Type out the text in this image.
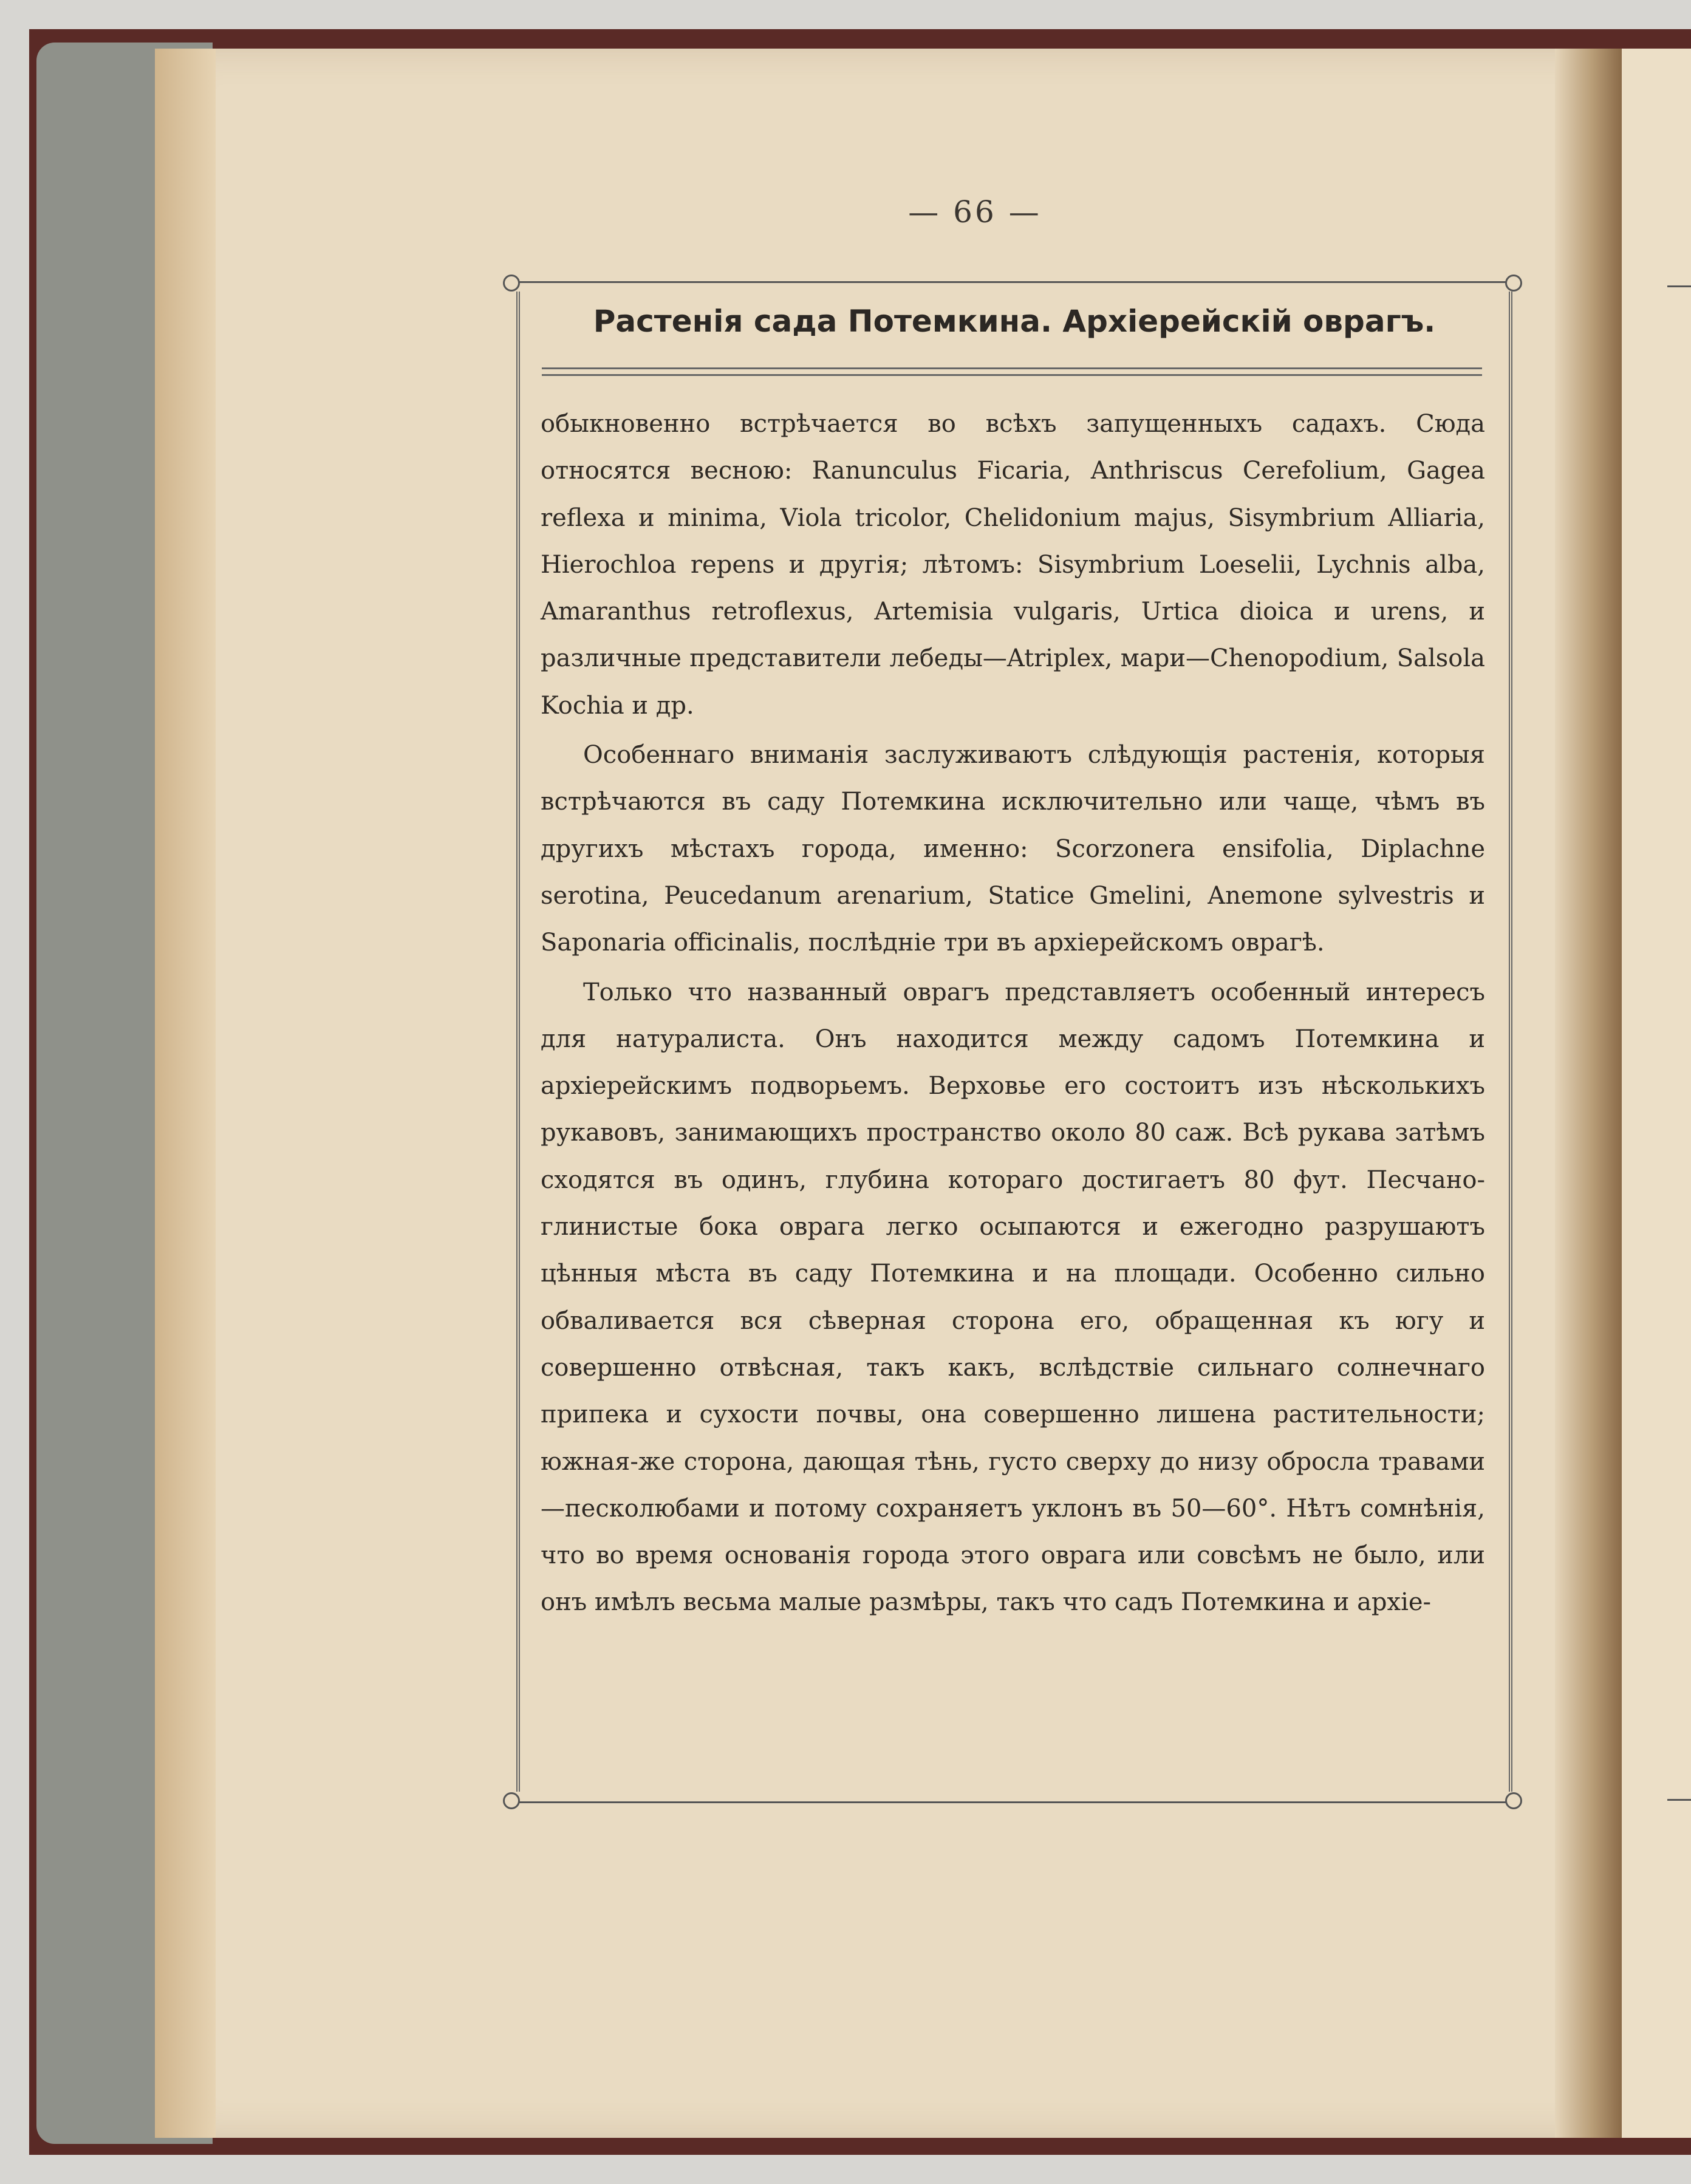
— 66 —
Растенія сада Потемкина. Архіерейскій оврагъ.

обыкновенно встрѣчается во всѣхъ запущенныхъ садахъ. Сюда относятся весною: Ranunculus Ficaria, Anthriscus Cerefolium, Gagea reflexa и minima, Viola tricolor, Chelidonium majus, Sisymbrium Alliaria, Hierochloa repens и другія; лѣтомъ: Sisymbrium Loeselii, Lychnis alba, Amaranthus retroflexus, Artemisia vulgaris, Urtica dioica и urens, и различные представители лебеды—Atriplex, мари—Chenopodium, Salsola Kochia и др.

Особеннаго вниманія заслуживаютъ слѣдующія растенія, которыя встрѣчаются въ саду Потемкина исключительно или чаще, чѣмъ въ другихъ мѣстахъ города, именно: Scorzonera ensifolia, Diplachne serotina, Peucedanum arenarium, Statice Gmelini, Anemone sylvestris и Saponaria officinalis, послѣдніе три въ архіерейскомъ оврагѣ.

Только что названный оврагъ представляетъ особенный интересъ для натуралиста. Онъ находится между садомъ Потемкина и архіерейскимъ подворьемъ. Верховье его состоитъ изъ нѣсколькихъ рукавовъ, занимающихъ пространство около 80 саж. Всѣ рукава затѣмъ сходятся въ одинъ, глубина котораго достигаетъ 80 фут. Песчано-глинистые бока оврага легко осыпаются и ежегодно разрушаютъ цѣнныя мѣста въ саду Потемкина и на площади. Особенно сильно обваливается вся сѣверная сторона его, обращенная къ югу и совершенно отвѣсная, такъ какъ, вслѣдствіе сильнаго солнечнаго припека и сухости почвы, она совершенно лишена растительности; южная-же сторона, дающая тѣнь, густо сверху до низу обросла травами—песколюбами и потому сохраняетъ уклонъ въ 50—60°. Нѣтъ сомнѣнія, что во время основанія города этого оврага или совсѣмъ не было, или онъ имѣлъ весьма малые размѣры, такъ что садъ Потемкина и архіе-
